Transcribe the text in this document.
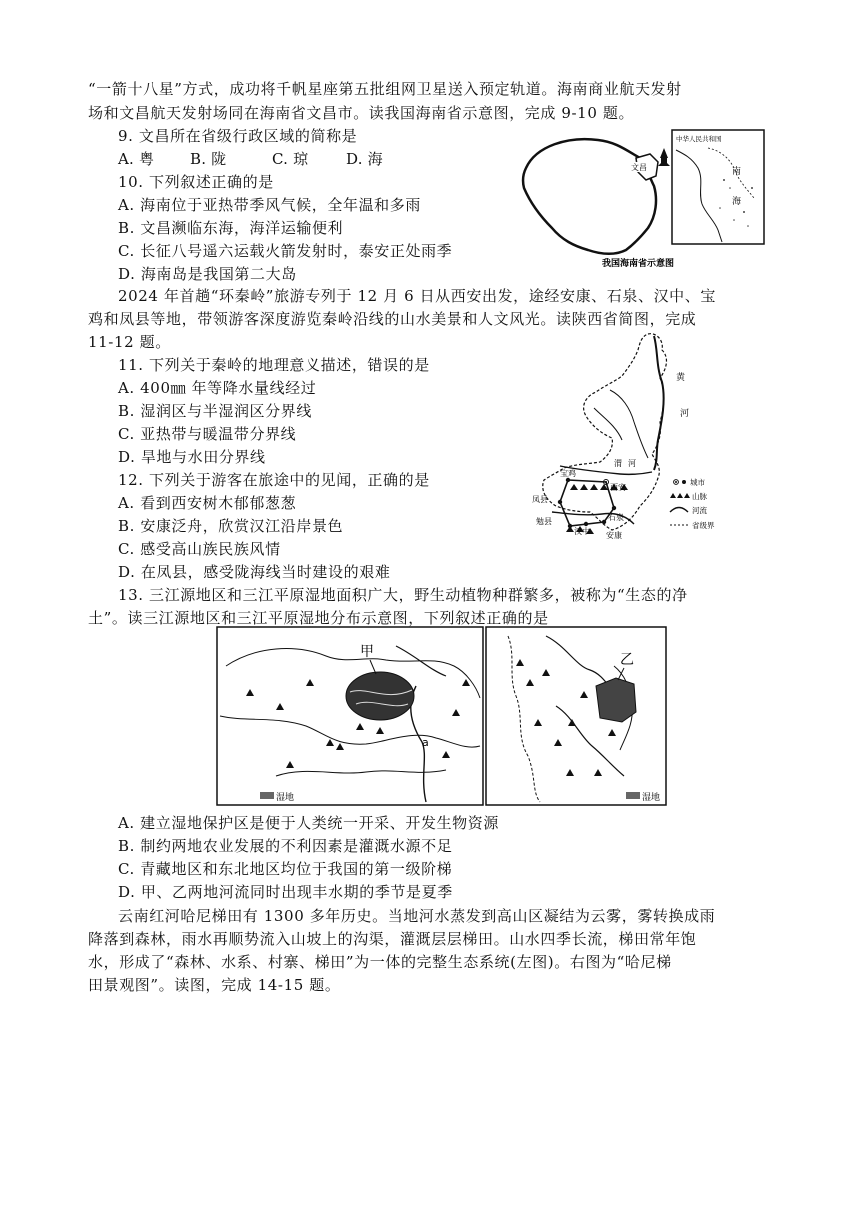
“一箭十八星”方式，成功将千帆星座第五批组网卫星送入预定轨道。海南商业航天发射
场和文昌航天发射场同在海南省文昌市。读我国海南省示意图，完成 9-10 题。
9. 文昌所在省级行政区域的简称是
A. 粤 B. 陇	C. 琼	D. 海
10. 下列叙述正确的是
A. 海南位于亚热带季风气候，全年温和多雨
B. 文昌濒临东海，海洋运输便利
C. 长征八号遥六运载火箭发射时，泰安正处雨季
D. 海南岛是我国第二大岛
文昌
中华人民共和国
南
海
我国海南省示意图
2024 年首趟“环秦岭”旅游专列于 12 月 6 日从西安出发，途经安康、石泉、汉中、宝
鸡和凤县等地，带领游客深度游览秦岭沿线的山水美景和人文风光。读陕西省简图，完成
11-12 题。
11. 下列关于秦岭的地理意义描述，错误的是
A. 400㎜ 年等降水量线经过
B. 湿润区与半湿润区分界线
C. 亚热带与暖温带分界线
D. 旱地与水田分界线
12. 下列关于游客在旅途中的见闻，正确的是
A. 看到西安树木郁郁葱葱
B. 安康泛舟，欣赏汉江沿岸景色
C. 感受高山族民族风情
D. 在凤县，感受陇海线当时建设的艰难
黄
河
渭 河
宝鸡
西安
凤县
石泉
勉县
汉中 安康
城市
山脉
河流
省级界
13. 三江源地区和三江平原湿地面积广大，野生动植物种群繁多，被称为“生态的净
土”。读三江源地区和三江平原湿地分布示意图，下列叙述正确的是
甲
a
湿地
乙
湿地
A. 建立湿地保护区是便于人类统一开采、开发生物资源
B. 制约两地农业发展的不利因素是灌溉水源不足
C. 青藏地区和东北地区均位于我国的第一级阶梯
D. 甲、乙两地河流同时出现丰水期的季节是夏季
云南红河哈尼梯田有 1300 多年历史。当地河水蒸发到高山区凝结为云雾，雾转换成雨
降落到森林，雨水再顺势流入山坡上的沟渠，灌溉层层梯田。山水四季长流，梯田常年饱
水，形成了“森林、水系、村寨、梯田”为一体的完整生态系统(左图)。右图为“哈尼梯
田景观图”。读图，完成 14-15 题。
